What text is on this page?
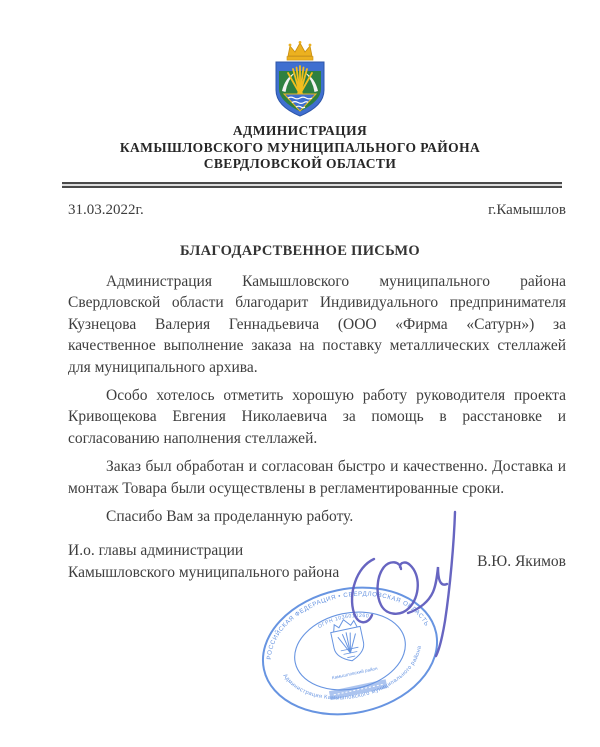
АДМИНИСТРАЦИЯ
КАМЫШЛОВСКОГО МУНИЦИПАЛЬНОГО РАЙОНА
СВЕРДЛОВСКОЙ ОБЛАСТИ
31.03.2022г.	г.Камышлов
БЛАГОДАРСТВЕННОЕ ПИСЬМО

Администрация Камышловского муниципального района Свердловской области благодарит Индивидуального предпринимателя Кузнецова Валерия Геннадьевича (ООО «Фирма «Сатурн») за качественное выполнение заказа на поставку металлических стеллажей для муниципального архива.

Особо хотелось отметить хорошую работу руководителя проекта Кривощекова Евгения Николаевича за помощь в расстановке и согласованию наполнения стеллажей.

Заказ был обработан и согласован быстро и качественно. Доставка и монтаж Товара были осуществлены в регламентированные сроки.

Спасибо Вам за проделанную работу.

И.о. главы администрации
Камышловского муниципального района
В.Ю. Якимов
РОССИЙСКАЯ ФЕДЕРАЦИЯ • СВЕРДЛОВСКАЯ ОБЛАСТЬ
Администрация Камышловского муниципального района
ОГРН 1036010260
Камышловский район
